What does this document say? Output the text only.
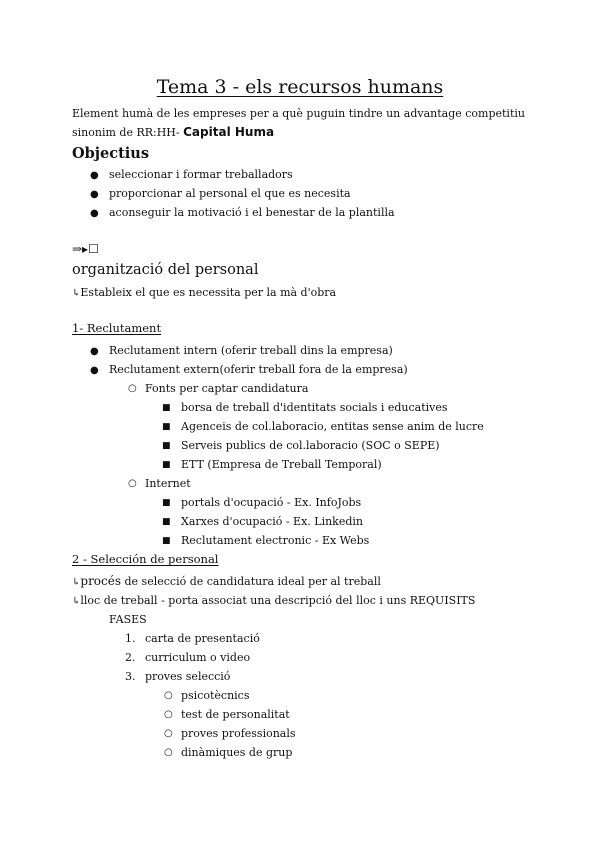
Tema 3 - els recursos humans
Element humà de les empreses per a què puguin tindre un advantage competitiu
sinonim de RR:HH- Capital Huma
Objectius
● seleccionar i formar treballadors
● proporcionar al personal el que es necesita
● aconseguir la motivació i el benestar de la plantilla
⇒▸☐
organització del personal
↳Estableix el que es necessita per la mà d'obra
1- Reclutament
● Reclutament intern (oferir treball dins la empresa)
● Reclutament extern(oferir treball fora de la empresa)
○ Fonts per captar candidatura
■ borsa de treball d'identitats socials i educatives
■ Agenceis de col.laboracio, entitas sense anim de lucre
■ Serveis publics de col.laboracio (SOC o SEPE)
■ ETT (Empresa de Treball Temporal)
○ Internet
■ portals d'ocupació - Ex. InfoJobs
■ Xarxes d'ocupació - Ex. Linkedin
■ Reclutament electronic - Ex Webs
2 - Selección de personal
↳procés de selecció de candidatura ideal per al treball
↳lloc de treball - porta associat una descripció del lloc i uns REQUISITS
FASES
1. carta de presentació
2. curriculum o video
3. proves selecció
○ psicotècnics
○ test de personalitat
○ proves professionals
○ dinàmiques de grup
